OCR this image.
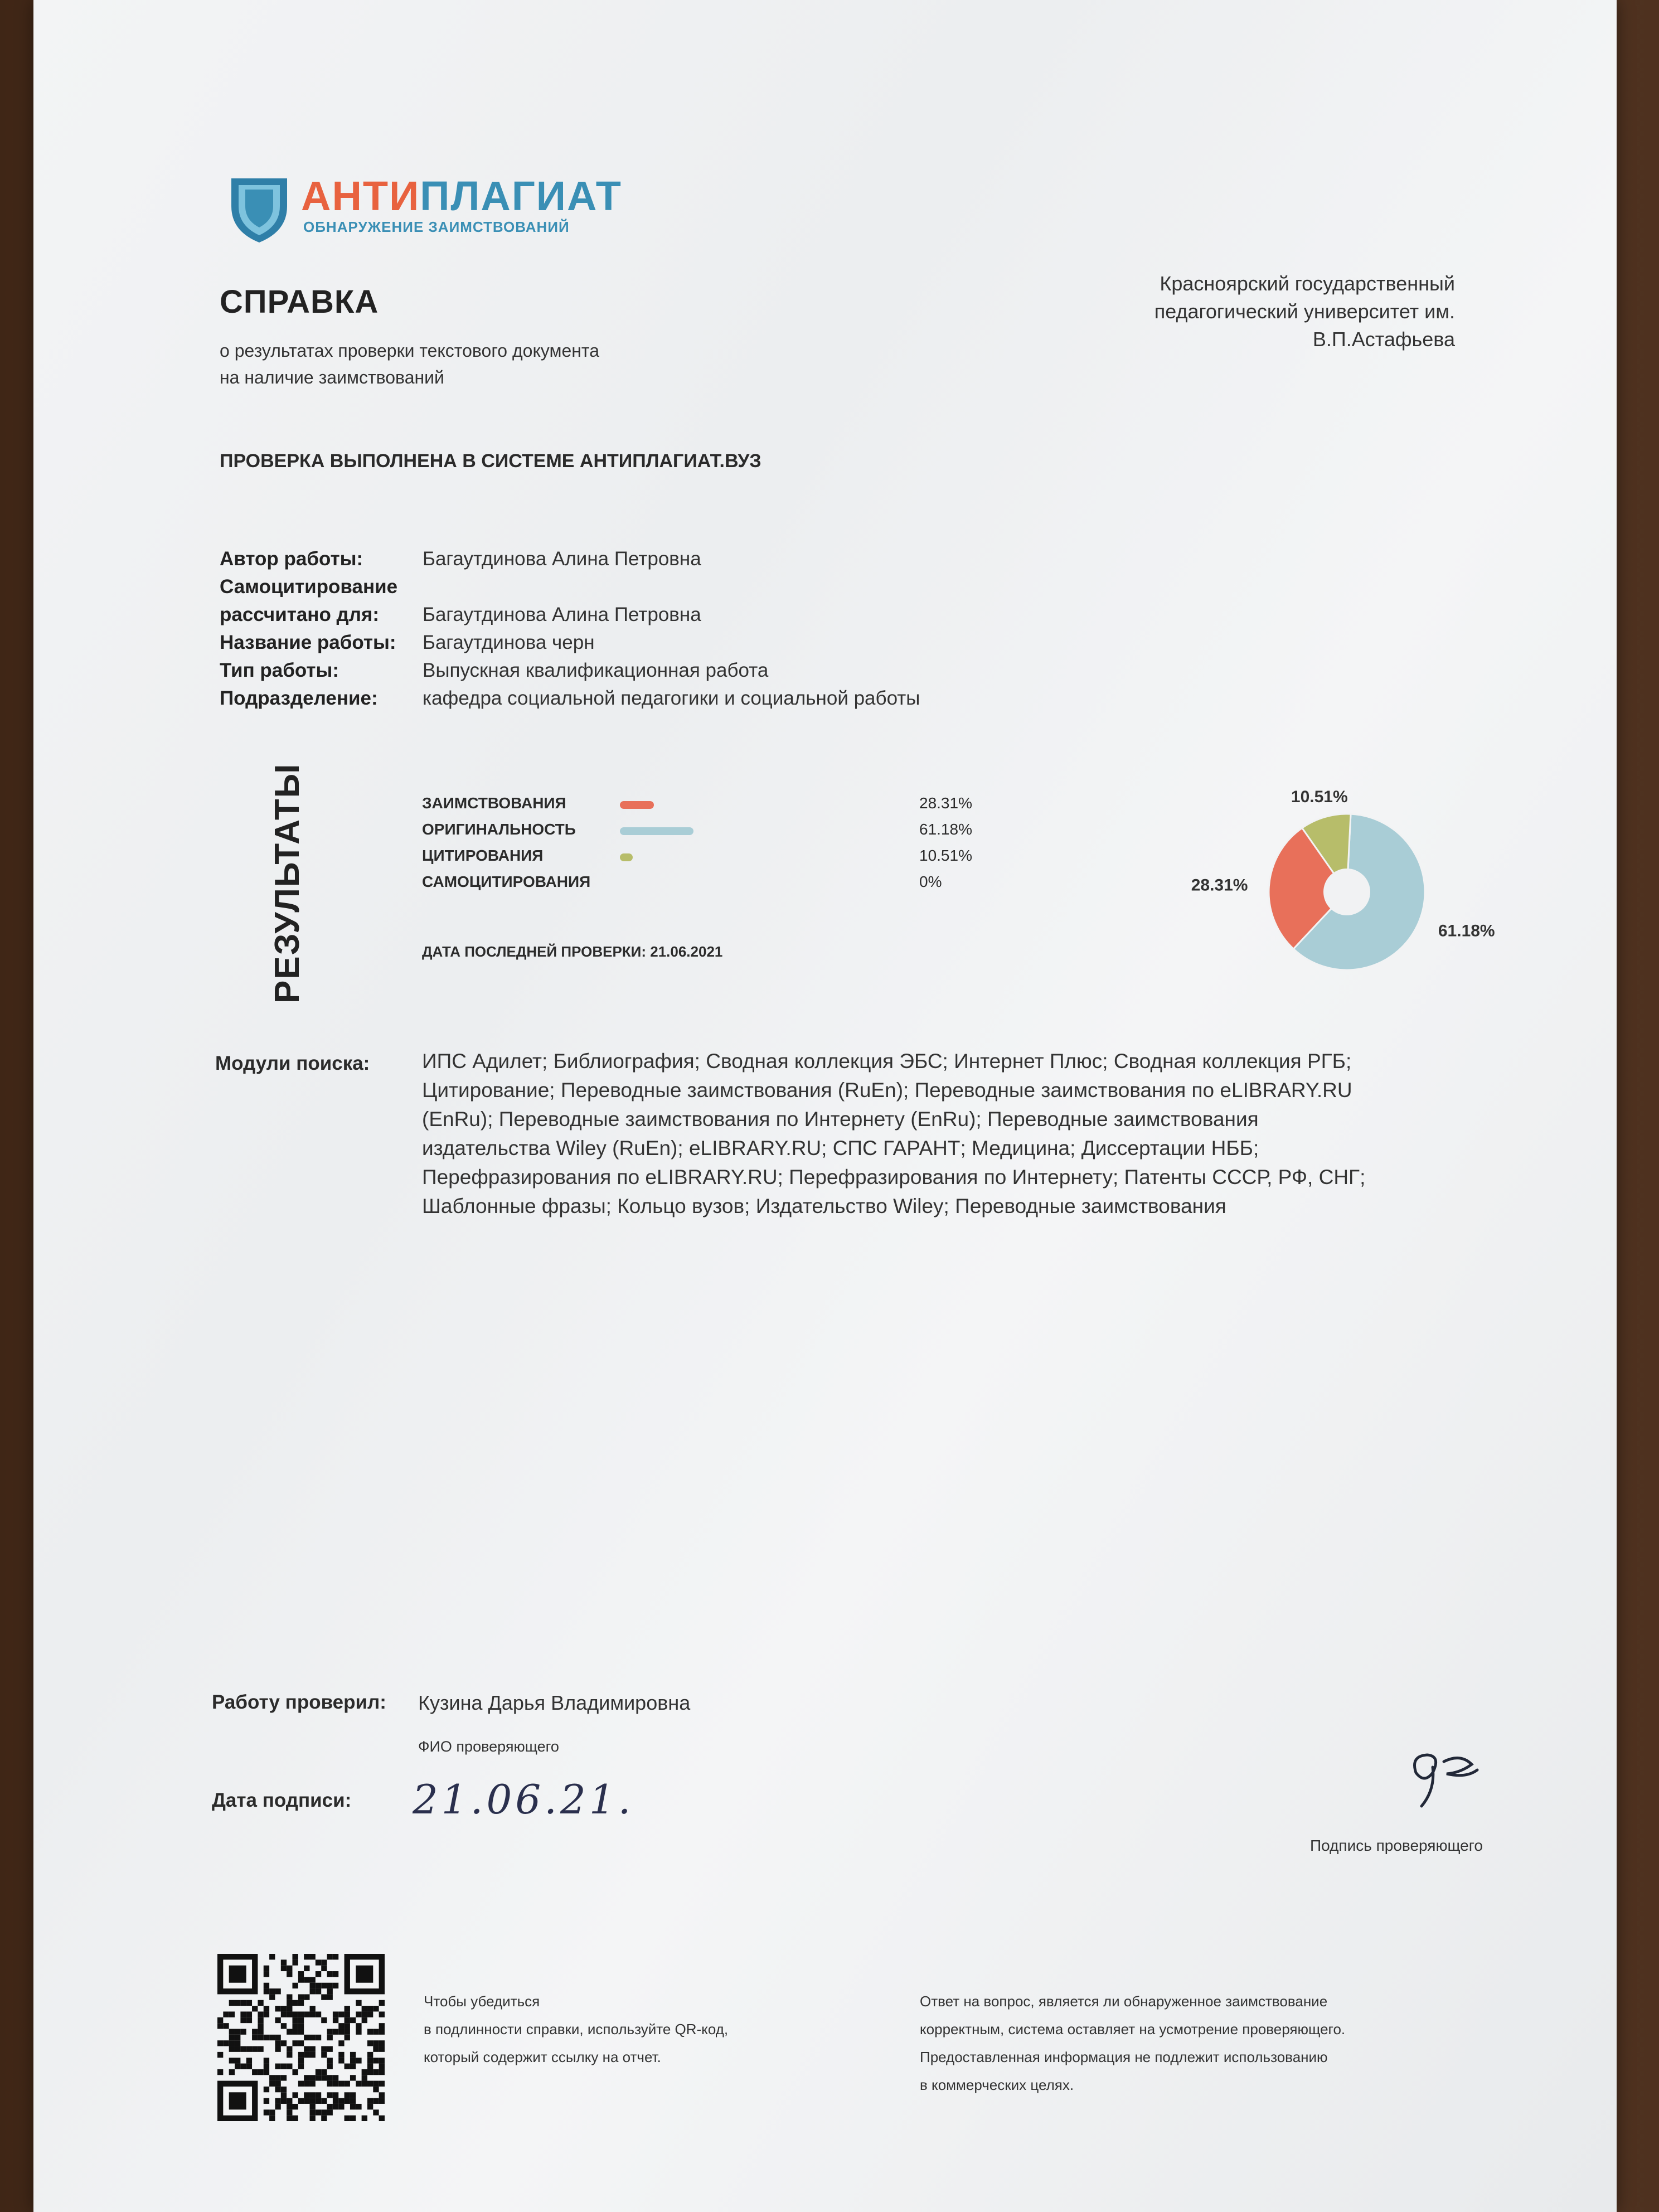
АНТИПЛАГИАТ
ОБНАРУЖЕНИЕ ЗАИМСТВОВАНИЙ
СПРАВКА
о результатах проверки текстового документа
на наличие заимствований
Красноярский государственный
педагогический университет им.
В.П.Астафьева
ПРОВЕРКА ВЫПОЛНЕНА В СИСТЕМЕ АНТИПЛАГИАТ.ВУЗ
Автор работы:	Багаутдинова Алина Петровна
Самоцитирование
рассчитано для:	Багаутдинова Алина Петровна
Название работы:	Багаутдинова черн
Тип работы:	Выпускная квалификационная работа
Подразделение:	кафедра социальной педагогики и социальной работы
РЕЗУЛЬТАТЫ	ЗАИМСТВОВАНИЯ	28.31%
ОРИГИНАЛЬНОСТЬ	61.18%
ЦИТИРОВАНИЯ	10.51%
САМОЦИТИРОВАНИЯ	0%
ДАТА ПОСЛЕДНЕЙ ПРОВЕРКИ: 21.06.2021
28.31%
61.18%
10.51%
Модули поиска:	ИПС Адилет; Библиография; Сводная коллекция ЭБС; Интернет Плюс; Сводная коллекция РГБ;
Цитирование; Переводные заимствования (RuEn); Переводные заимствования по eLIBRARY.RU
(EnRu); Переводные заимствования по Интернету (EnRu); Переводные заимствования
издательства Wiley (RuEn); eLIBRARY.RU; СПС ГАРАНТ; Медицина; Диссертации НББ;
Перефразирования по eLIBRARY.RU; Перефразирования по Интернету; Патенты СССР, РФ, СНГ;
Шаблонные фразы; Кольцо вузов; Издательство Wiley; Переводные заимствования
Работу проверил: Кузина Дарья Владимировна
ФИО проверяющего
Дата подписи: 21.06.21.
Подпись проверяющего
Чтобы убедиться
в подлинности справки, используйте QR-код,
который содержит ссылку на отчет.
Ответ на вопрос, является ли обнаруженное заимствование
корректным, система оставляет на усмотрение проверяющего.
Предоставленная информация не подлежит использованию
в коммерческих целях.
